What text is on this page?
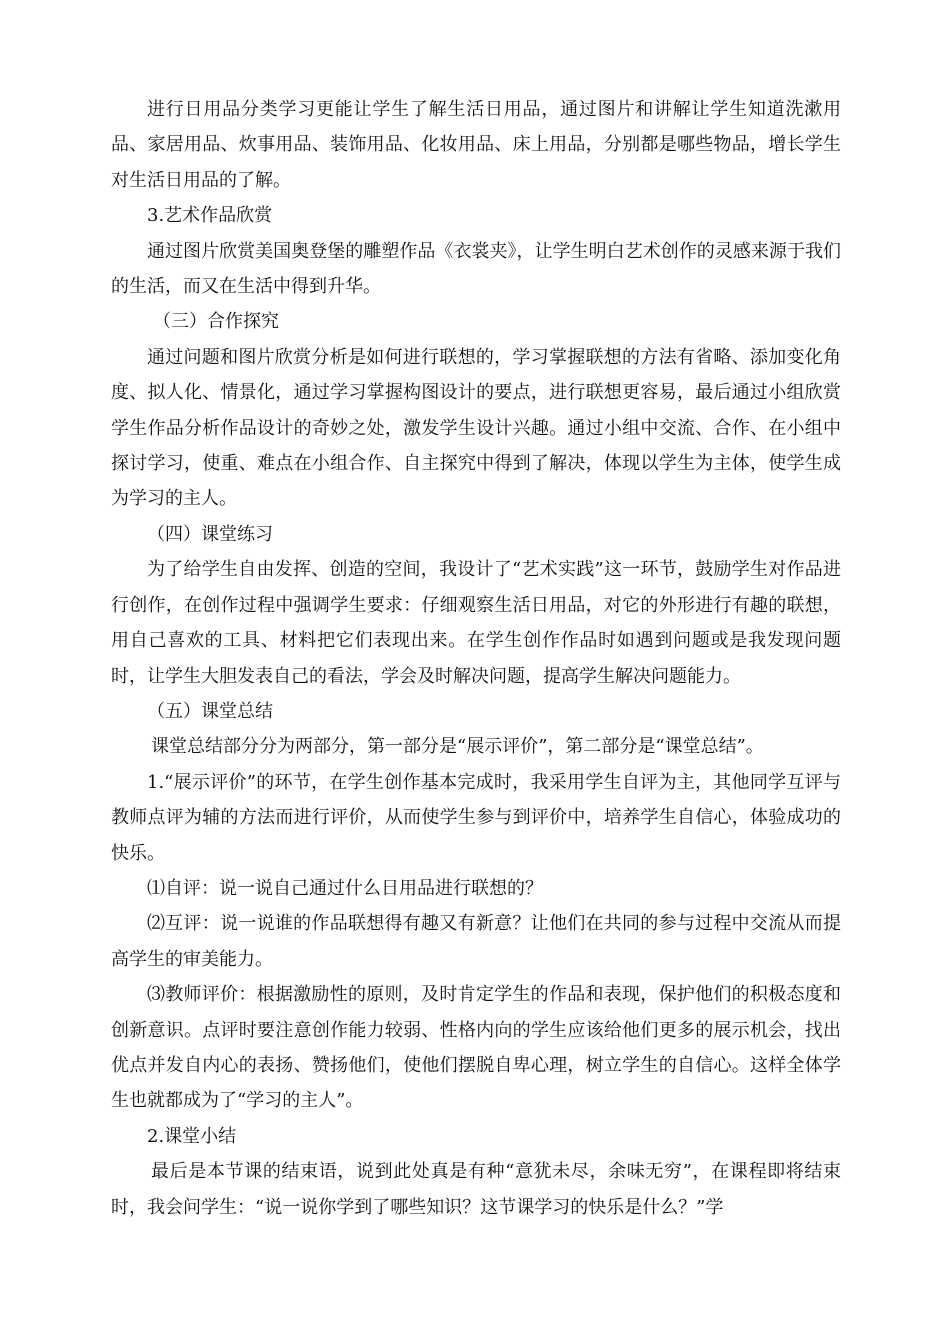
进行日用品分类学习更能让学生了解生活日用品，通过图片和讲解让学生知道洗漱用品、家居用品、炊事用品、装饰用品、化妆用品、床上用品，分别都是哪些物品，增长学生对生活日用品的了解。

3.艺术作品欣赏

通过图片欣赏美国奥登堡的雕塑作品《衣裳夹》，让学生明白艺术创作的灵感来源于我们的生活，而又在生活中得到升华。

（三）合作探究

通过问题和图片欣赏分析是如何进行联想的，学习掌握联想的方法有省略、添加变化角度、拟人化、情景化，通过学习掌握构图设计的要点，进行联想更容易，最后通过小组欣赏学生作品分析作品设计的奇妙之处，激发学生设计兴趣。通过小组中交流、合作、在小组中探讨学习，使重、难点在小组合作、自主探究中得到了解决，体现以学生为主体，使学生成为学习的主人。

（四）课堂练习

为了给学生自由发挥、创造的空间，我设计了“艺术实践”这一环节，鼓励学生对作品进行创作，在创作过程中强调学生要求：仔细观察生活日用品，对它的外形进行有趣的联想，用自己喜欢的工具、材料把它们表现出来。在学生创作作品时如遇到问题或是我发现问题时，让学生大胆发表自己的看法，学会及时解决问题，提高学生解决问题能力。

（五）课堂总结

课堂总结部分分为两部分，第一部分是“展示评价”，第二部分是“课堂总结”。

1.“展示评价”的环节，在学生创作基本完成时，我采用学生自评为主，其他同学互评与教师点评为辅的方法而进行评价，从而使学生参与到评价中，培养学生自信心，体验成功的快乐。

⑴自评：说一说自己通过什么日用品进行联想的？

⑵互评：说一说谁的作品联想得有趣又有新意？让他们在共同的参与过程中交流从而提高学生的审美能力。

⑶教师评价：根据激励性的原则，及时肯定学生的作品和表现，保护他们的积极态度和创新意识。点评时要注意创作能力较弱、性格内向的学生应该给他们更多的展示机会，找出优点并发自内心的表扬、赞扬他们，使他们摆脱自卑心理，树立学生的自信心。这样全体学生也就都成为了“学习的主人”。

2.课堂小结

最后是本节课的结束语，说到此处真是有种“意犹未尽，余味无穷”，在课程即将结束时，我会问学生：“说一说你学到了哪些知识？这节课学习的快乐是什么？”学
